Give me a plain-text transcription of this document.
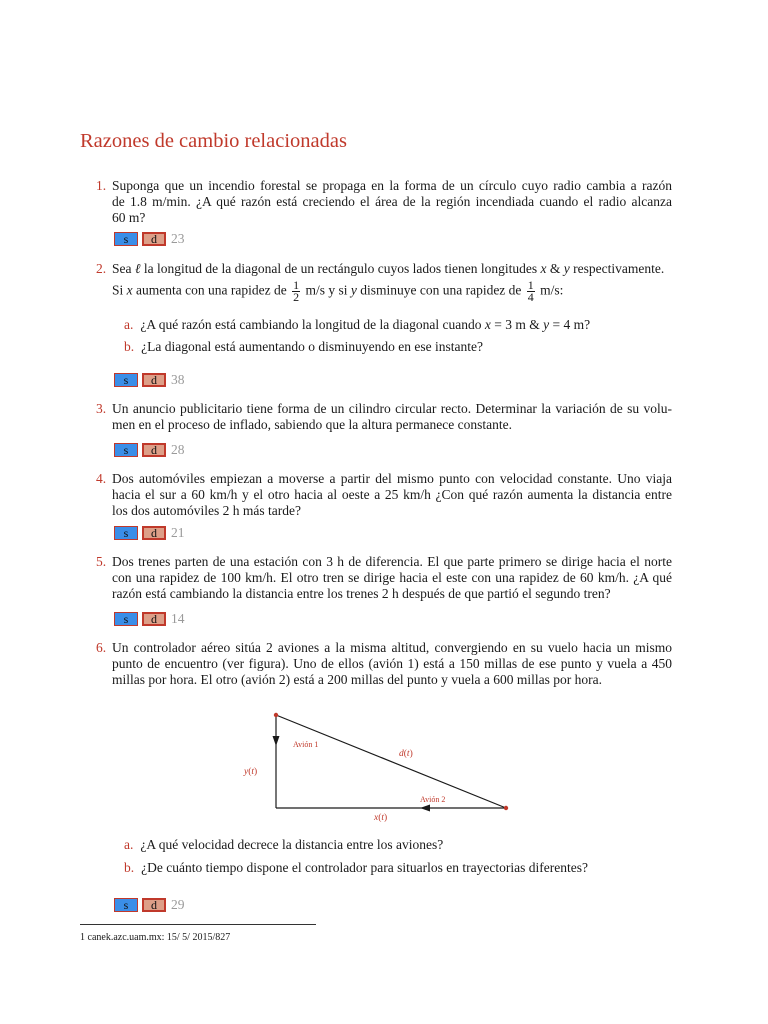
Razones de cambio relacionadas
1. Suponga que un incendio forestal se propaga en la forma de un círculo cuyo radio cambia a razón
de 1.8 m/min. ¿A qué razón está creciendo el área de la región incendiada cuando el radio alcanza
60 m?
s	d	23
2. Sea ℓ la longitud de la diagonal de un rectángulo cuyos lados tienen longitudes x & y respectivamente.
Si x aumenta con una rapidez de $\frac{1}{2} m/s$ y si y disminuye con una rapidez de $\frac{1}{4} m/s$:
a. ¿A qué razón está cambiando la longitud de la diagonal cuando x = 3 m & y = 4 m?
b. ¿La diagonal está aumentando o disminuyendo en ese instante?
s	d	38
3. Un anuncio publicitario tiene forma de un cilindro circular recto. Determinar la variación de su volu-
men en el proceso de inflado, sabiendo que la altura permanece constante.
s	d	28
4. Dos automóviles empiezan a moverse a partir del mismo punto con velocidad constante. Uno viaja
hacia el sur a 60 km/h y el otro hacia al oeste a 25 km/h ¿Con qué razón aumenta la distancia entre
los dos automóviles 2 h más tarde?
s	d	21
5. Dos trenes parten de una estación con 3 h de diferencia. El que parte primero se dirige hacia el norte
con una rapidez de 100 km/h. El otro tren se dirige hacia el este con una rapidez de 60 km/h. ¿A qué
razón está cambiando la distancia entre los trenes 2 h después de que partió el segundo tren?
s	d	14
6. Un controlador aéreo sitúa 2 aviones a la misma altitud, convergiendo en su vuelo hacia un mismo
punto de encuentro (ver figura). Uno de ellos (avión 1) está a 150 millas de ese punto y vuela a 450
millas por hora. El otro (avión 2) está a 200 millas del punto y vuela a 600 millas por hora.
Avión 1
Avión 2
d(t)
y(t)
x(t)
a. ¿A qué velocidad decrece la distancia entre los aviones?
b. ¿De cuánto tiempo dispone el controlador para situarlos en trayectorias diferentes?
s	d	29
1 canek.azc.uam.mx: 15/ 5/ 2015/827
